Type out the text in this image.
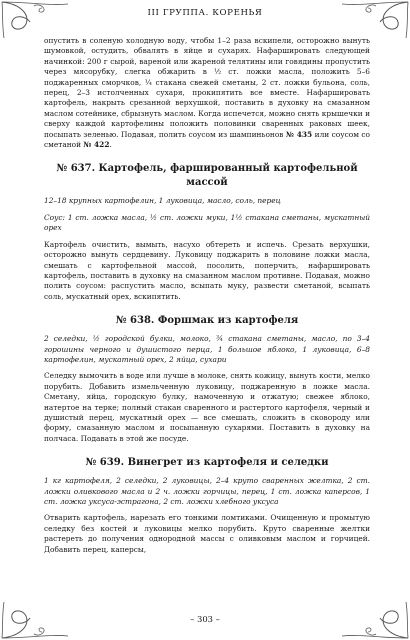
III ГРУППА. КОРЕНЬЯ

опустить в соленую холодную воду, чтобы 1–2 раза вскипели, осторожно вынуть шумовкой, остудить, обвалять в яйце и сухарях. Нафаршировать следующей начинкой: 200 г сырой, вареной или жареной телятины или говядины пропустить через мясорубку, слегка обжарить в ½ ст. ложки масла, положить 5–6 поджаренных сморчков, ¼ стакана свежей сметаны, 2 ст. ложки бульона, соль, перец, 2–3 истолченных сухаря, прокипятить все вместе. Нафаршировать картофель, накрыть срезанной верхушкой, поставить в духовку на смазанном маслом сотейнике, сбрызнуть маслом. Когда испечется, можно снять крышечки и сверху каждой картофелины положить половинки сваренных раковых шеек, посыпать зеленью. Подавая, полить соусом из шампиньонов № 435 или соусом со сметаной № 422.

№ 637. Картофель, фаршированный картофельной массой

12–18 крупных картофелин, 1 луковица, масло, соль, перец

Соус: 1 ст. ложка масла, ½ ст. ложки муки, 1½ стакана сметаны, мускатный орех

Картофель очистить, вымыть, насухо обтереть и испечь. Срезать верхушки, осторожно вынуть сердцевину. Луковицу поджарить в половине ложки масла, смешать с картофельной массой, посолить, поперчить, нафаршировать картофель, поставить в духовку на смазанном маслом противне. Подавая, можно полить соусом: распустить масло, всыпать муку, развести сметаной, всыпать соль, мускатный орех, вскипятить.

№ 638. Форшмак из картофеля

2 селедки, ½ городской булки, молоко, ¾ стакана сметаны, масло, по 3–4 горошины черного и душистого перца, 1 большое яблоко, 1 луковица, 6–8 картофелин, мускатный орех, 2 яйца, сухари

Селедку вымочить в воде или лучше в молоке, снять кожицу, вынуть кости, мелко порубить. Добавить измельченную луковицу, поджаренную в ложке масла. Сметану, яйца, городскую булку, намоченную и отжатую; свежее яблоко, натертое на терке; полный стакан сваренного и растертого картофеля, черный и душистый перец, мускатный орех — все смешать, сложить в сковороду или форму, смазанную маслом и посыпанную сухарями. Поставить в духовку на полчаса. Подавать в этой же посуде.

№ 639. Винегрет из картофеля и селедки

1 кг картофеля, 2 селедки, 2 луковицы, 2–4 круто сваренных желтка, 2 ст. ложки оливкового масла и 2 ч. ложки горчицы, перец, 1 ст. ложка каперсов, 1 ст. ложка уксуса-эстрагона, 2 ст. ложки хлебного уксуса

Отварить картофель, нарезать его тонкими ломтиками. Очищенную и промытую селедку без костей и луковицы мелко порубить. Круто сваренные желтки растереть до получения однородной массы с оливковым маслом и горчицей. Добавить перец, каперсы,

– 303 –
